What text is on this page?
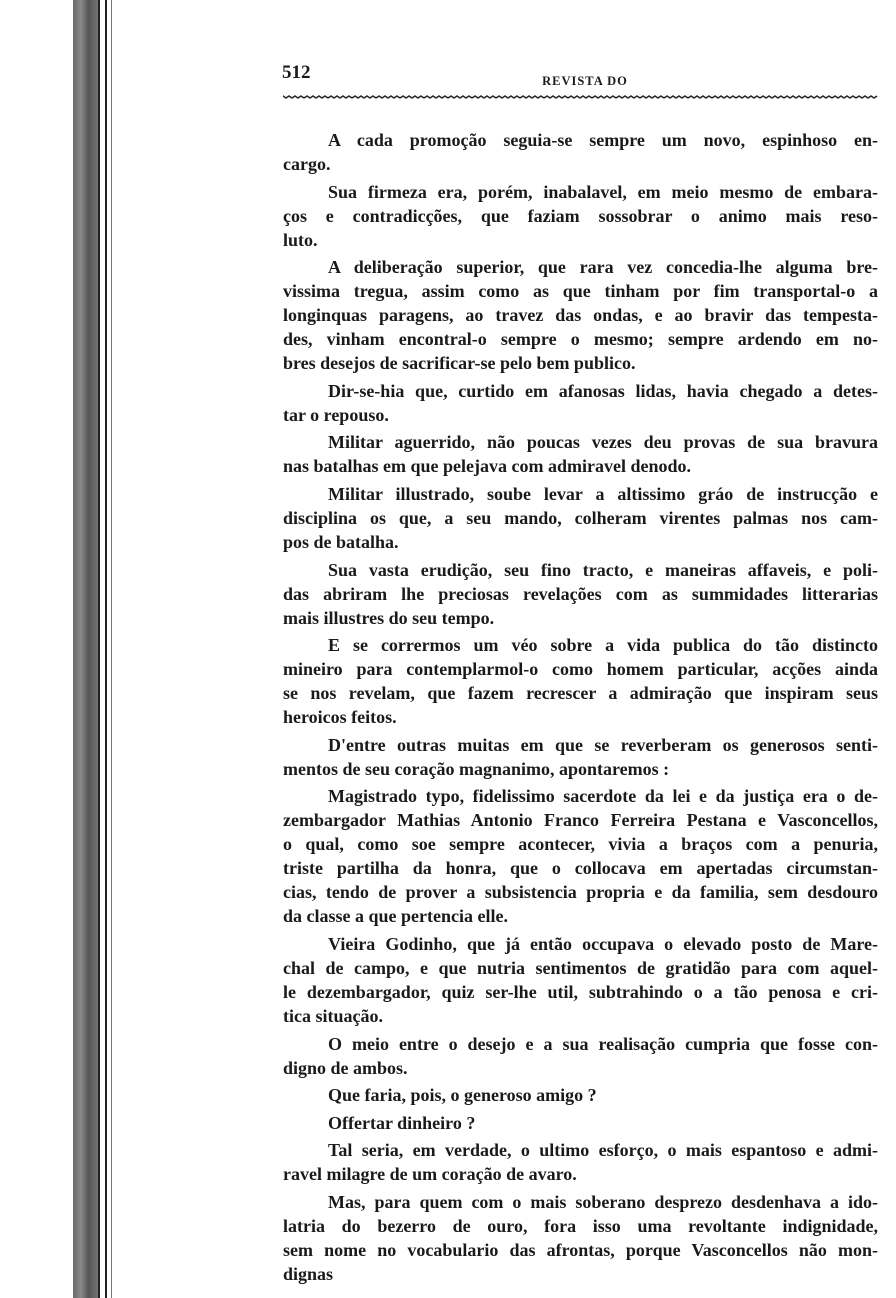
512	REVISTA DO
A cada promoção seguia-se sempre um novo, espinhoso en-
cargo.
Sua firmeza era, porém, inabalavel, em meio mesmo de embara-
ços e contradicções, que faziam sossobrar o animo mais reso-
luto.
A deliberação superior, que rara vez concedia-lhe alguma bre-
vissima tregua, assim como as que tinham por fim transportal-o a
longinquas paragens, ao travez das ondas, e ao bravir das tempesta-
des, vinham encontral-o sempre o mesmo; sempre ardendo em no-
bres desejos de sacrificar-se pelo bem publico.
Dir-se-hia que, curtido em afanosas lidas, havia chegado a detes-
tar o repouso.
Militar aguerrido, não poucas vezes deu provas de sua bravura
nas batalhas em que pelejava com admiravel denodo.
Militar illustrado, soube levar a altissimo gráo de instrucção e
disciplina os que, a seu mando, colheram virentes palmas nos cam-
pos de batalha.
Sua vasta erudição, seu fino tracto, e maneiras affaveis, e poli-
das abriram lhe preciosas revelações com as summidades litterarias
mais illustres do seu tempo.
E se corrermos um véo sobre a vida publica do tão distincto
mineiro para contemplarmol-o como homem particular, acções ainda
se nos revelam, que fazem recrescer a admiração que inspiram seus
heroicos feitos.
D'entre outras muitas em que se reverberam os generosos senti-
mentos de seu coração magnanimo, apontaremos :
Magistrado typo, fidelissimo sacerdote da lei e da justiça era o de-
zembargador Mathias Antonio Franco Ferreira Pestana e Vasconcellos,
o qual, como soe sempre acontecer, vivia a braços com a penuria,
triste partilha da honra, que o collocava em apertadas circumstan-
cias, tendo de prover a subsistencia propria e da familia, sem desdouro
da classe a que pertencia elle.
Vieira Godinho, que já então occupava o elevado posto de Mare-
chal de campo, e que nutria sentimentos de gratidão para com aquel-
le dezembargador, quiz ser-lhe util, subtrahindo o a tão penosa e cri-
tica situação.
O meio entre o desejo e a sua realisação cumpria que fosse con-
digno de ambos.
Que faria, pois, o generoso amigo ?
Offertar dinheiro ?
Tal seria, em verdade, o ultimo esforço, o mais espantoso e admi-
ravel milagre de um coração de avaro.
Mas, para quem com o mais soberano desprezo desdenhava a ido-
latria do bezerro de ouro, fora isso uma revoltante indignidade,
sem nome no vocabulario das afrontas, porque Vasconcellos não mon-
dignas
